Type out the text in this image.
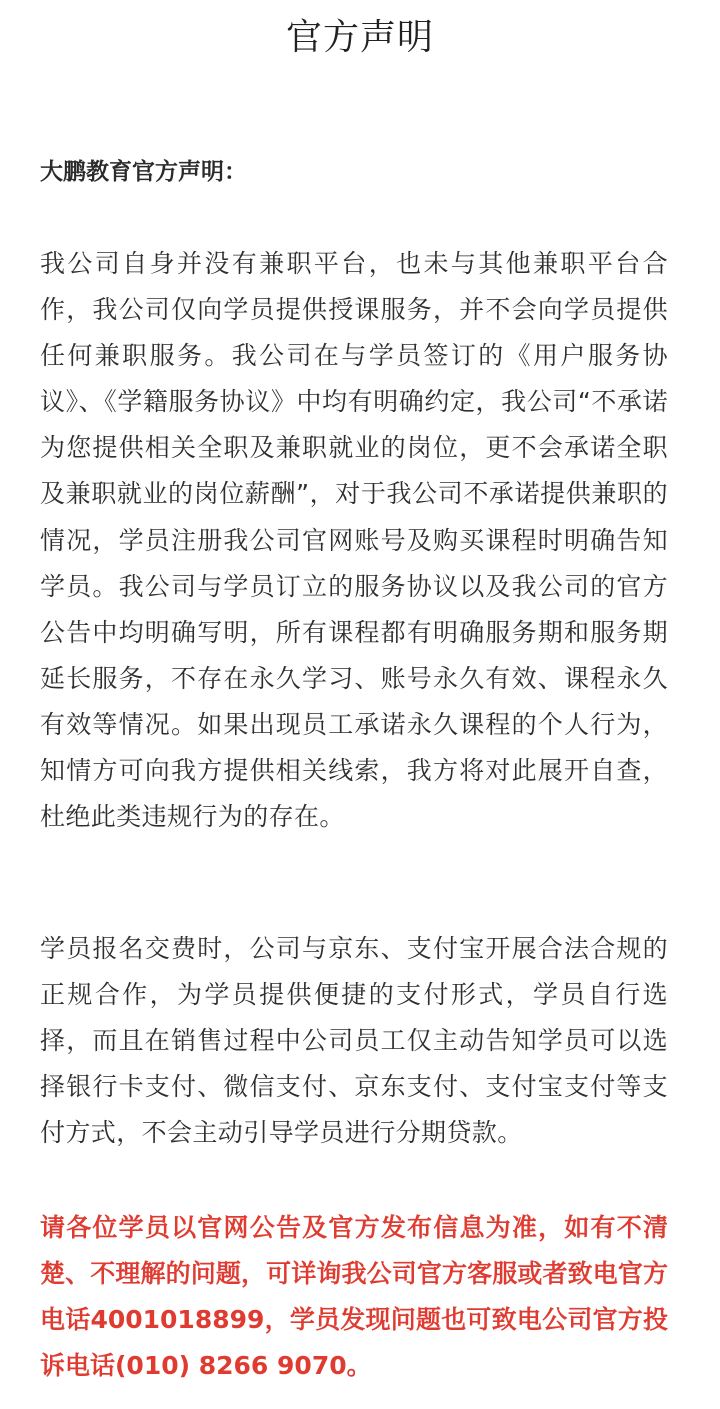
官方声明
大鹏教育官方声明：

我公司自身并没有兼职平台，也未与其他兼职平台合作，我公司仅向学员提供授课服务，并不会向学员提供任何兼职服务。我公司在与学员签订的《用户服务协议》、《学籍服务协议》中均有明确约定，我公司“不承诺为您提供相关全职及兼职就业的岗位，更不会承诺全职及兼职就业的岗位薪酬”，对于我公司不承诺提供兼职的情况，学员注册我公司官网账号及购买课程时明确告知学员。我公司与学员订立的服务协议以及我公司的官方公告中均明确写明，所有课程都有明确服务期和服务期延长服务，不存在永久学习、账号永久有效、课程永久有效等情况。如果出现员工承诺永久课程的个人行为，知情方可向我方提供相关线索，我方将对此展开自查，杜绝此类违规行为的存在。

学员报名交费时，公司与京东、支付宝开展合法合规的正规合作，为学员提供便捷的支付形式，学员自行选择，而且在销售过程中公司员工仅主动告知学员可以选择银行卡支付、微信支付、京东支付、支付宝支付等支付方式，不会主动引导学员进行分期贷款。

请各位学员以官网公告及官方发布信息为准，如有不清楚、不理解的问题，可详询我公司官方客服或者致电官方电话4001018899，学员发现问题也可致电公司官方投诉电话(010) 8266 9070。
